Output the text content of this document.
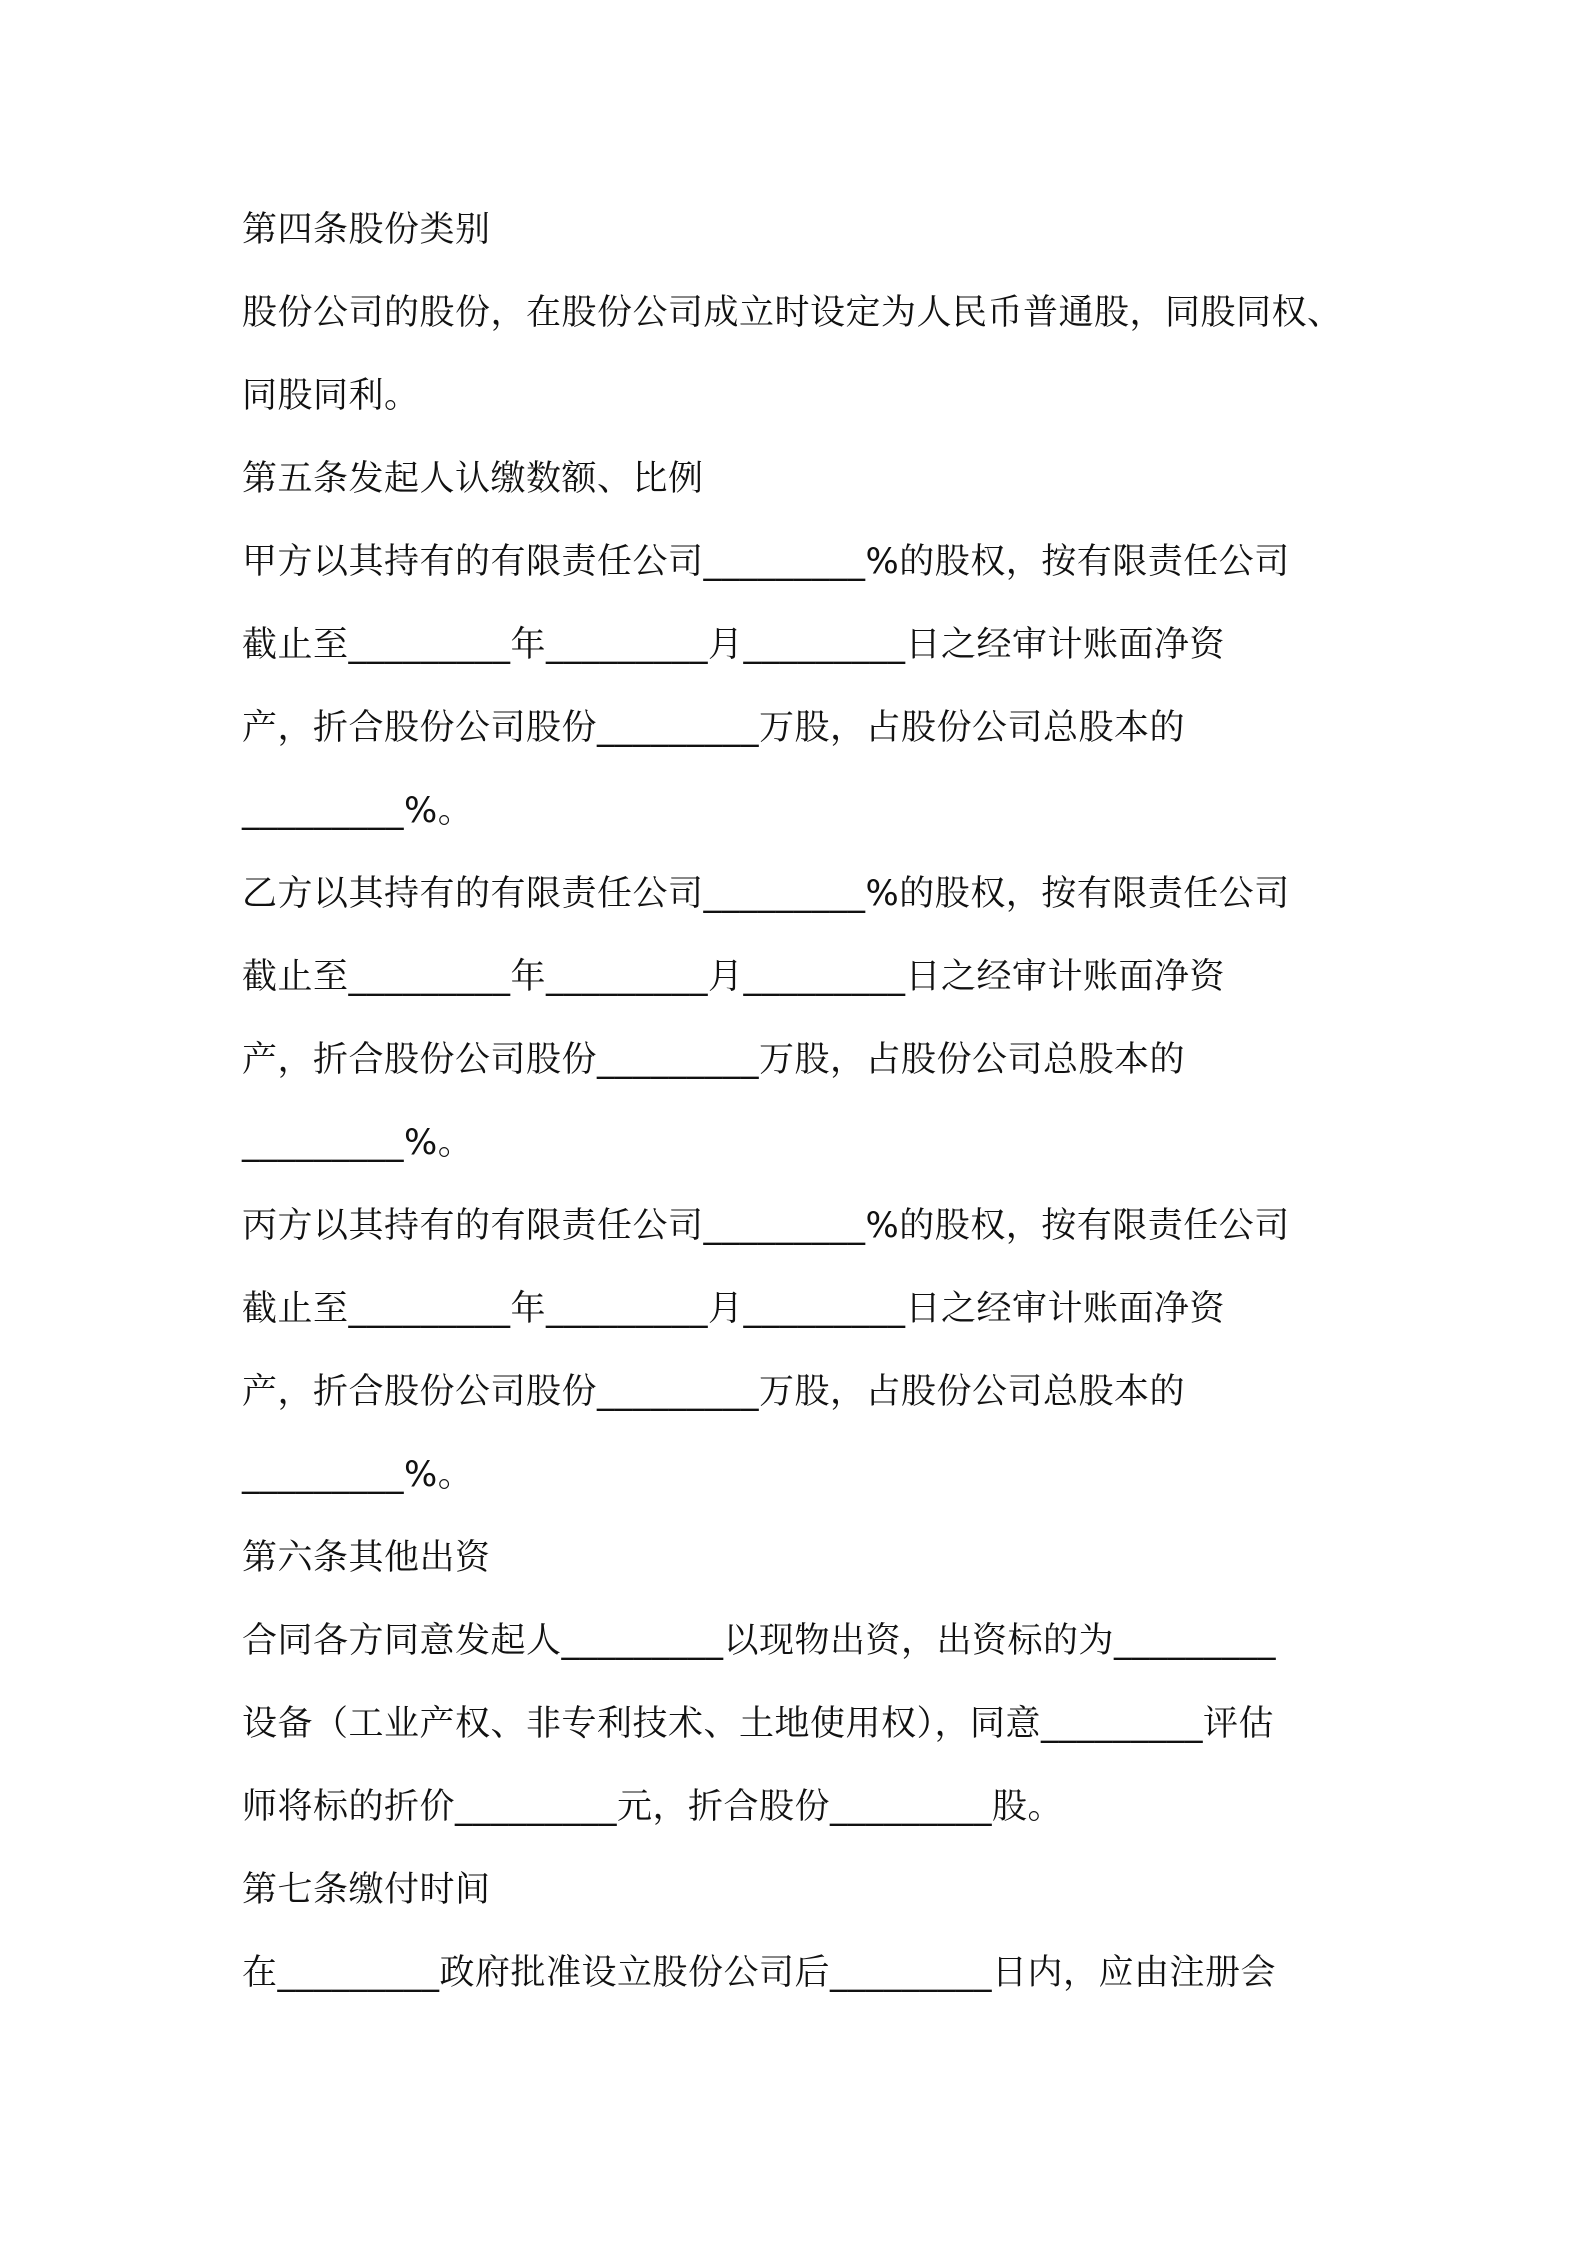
第四条股份类别
股份公司的股份，在股份公司成立时设定为人民币普通股，同股同权、
同股同利。
第五条发起人认缴数额、比例
甲方以其持有的有限责任公司_________%的股权，按有限责任公司
截止至_________年_________月_________日之经审计账面净资
产，折合股份公司股份_________万股，占股份公司总股本的
_________%。
乙方以其持有的有限责任公司_________%的股权，按有限责任公司
截止至_________年_________月_________日之经审计账面净资
产，折合股份公司股份_________万股，占股份公司总股本的
_________%。
丙方以其持有的有限责任公司_________%的股权，按有限责任公司
截止至_________年_________月_________日之经审计账面净资
产，折合股份公司股份_________万股，占股份公司总股本的
_________%。
第六条其他出资
合同各方同意发起人_________以现物出资，出资标的为_________
设备（工业产权、非专利技术、土地使用权），同意_________评估
师将标的折价_________元，折合股份_________股。
第七条缴付时间
在_________政府批准设立股份公司后_________日内，应由注册会
